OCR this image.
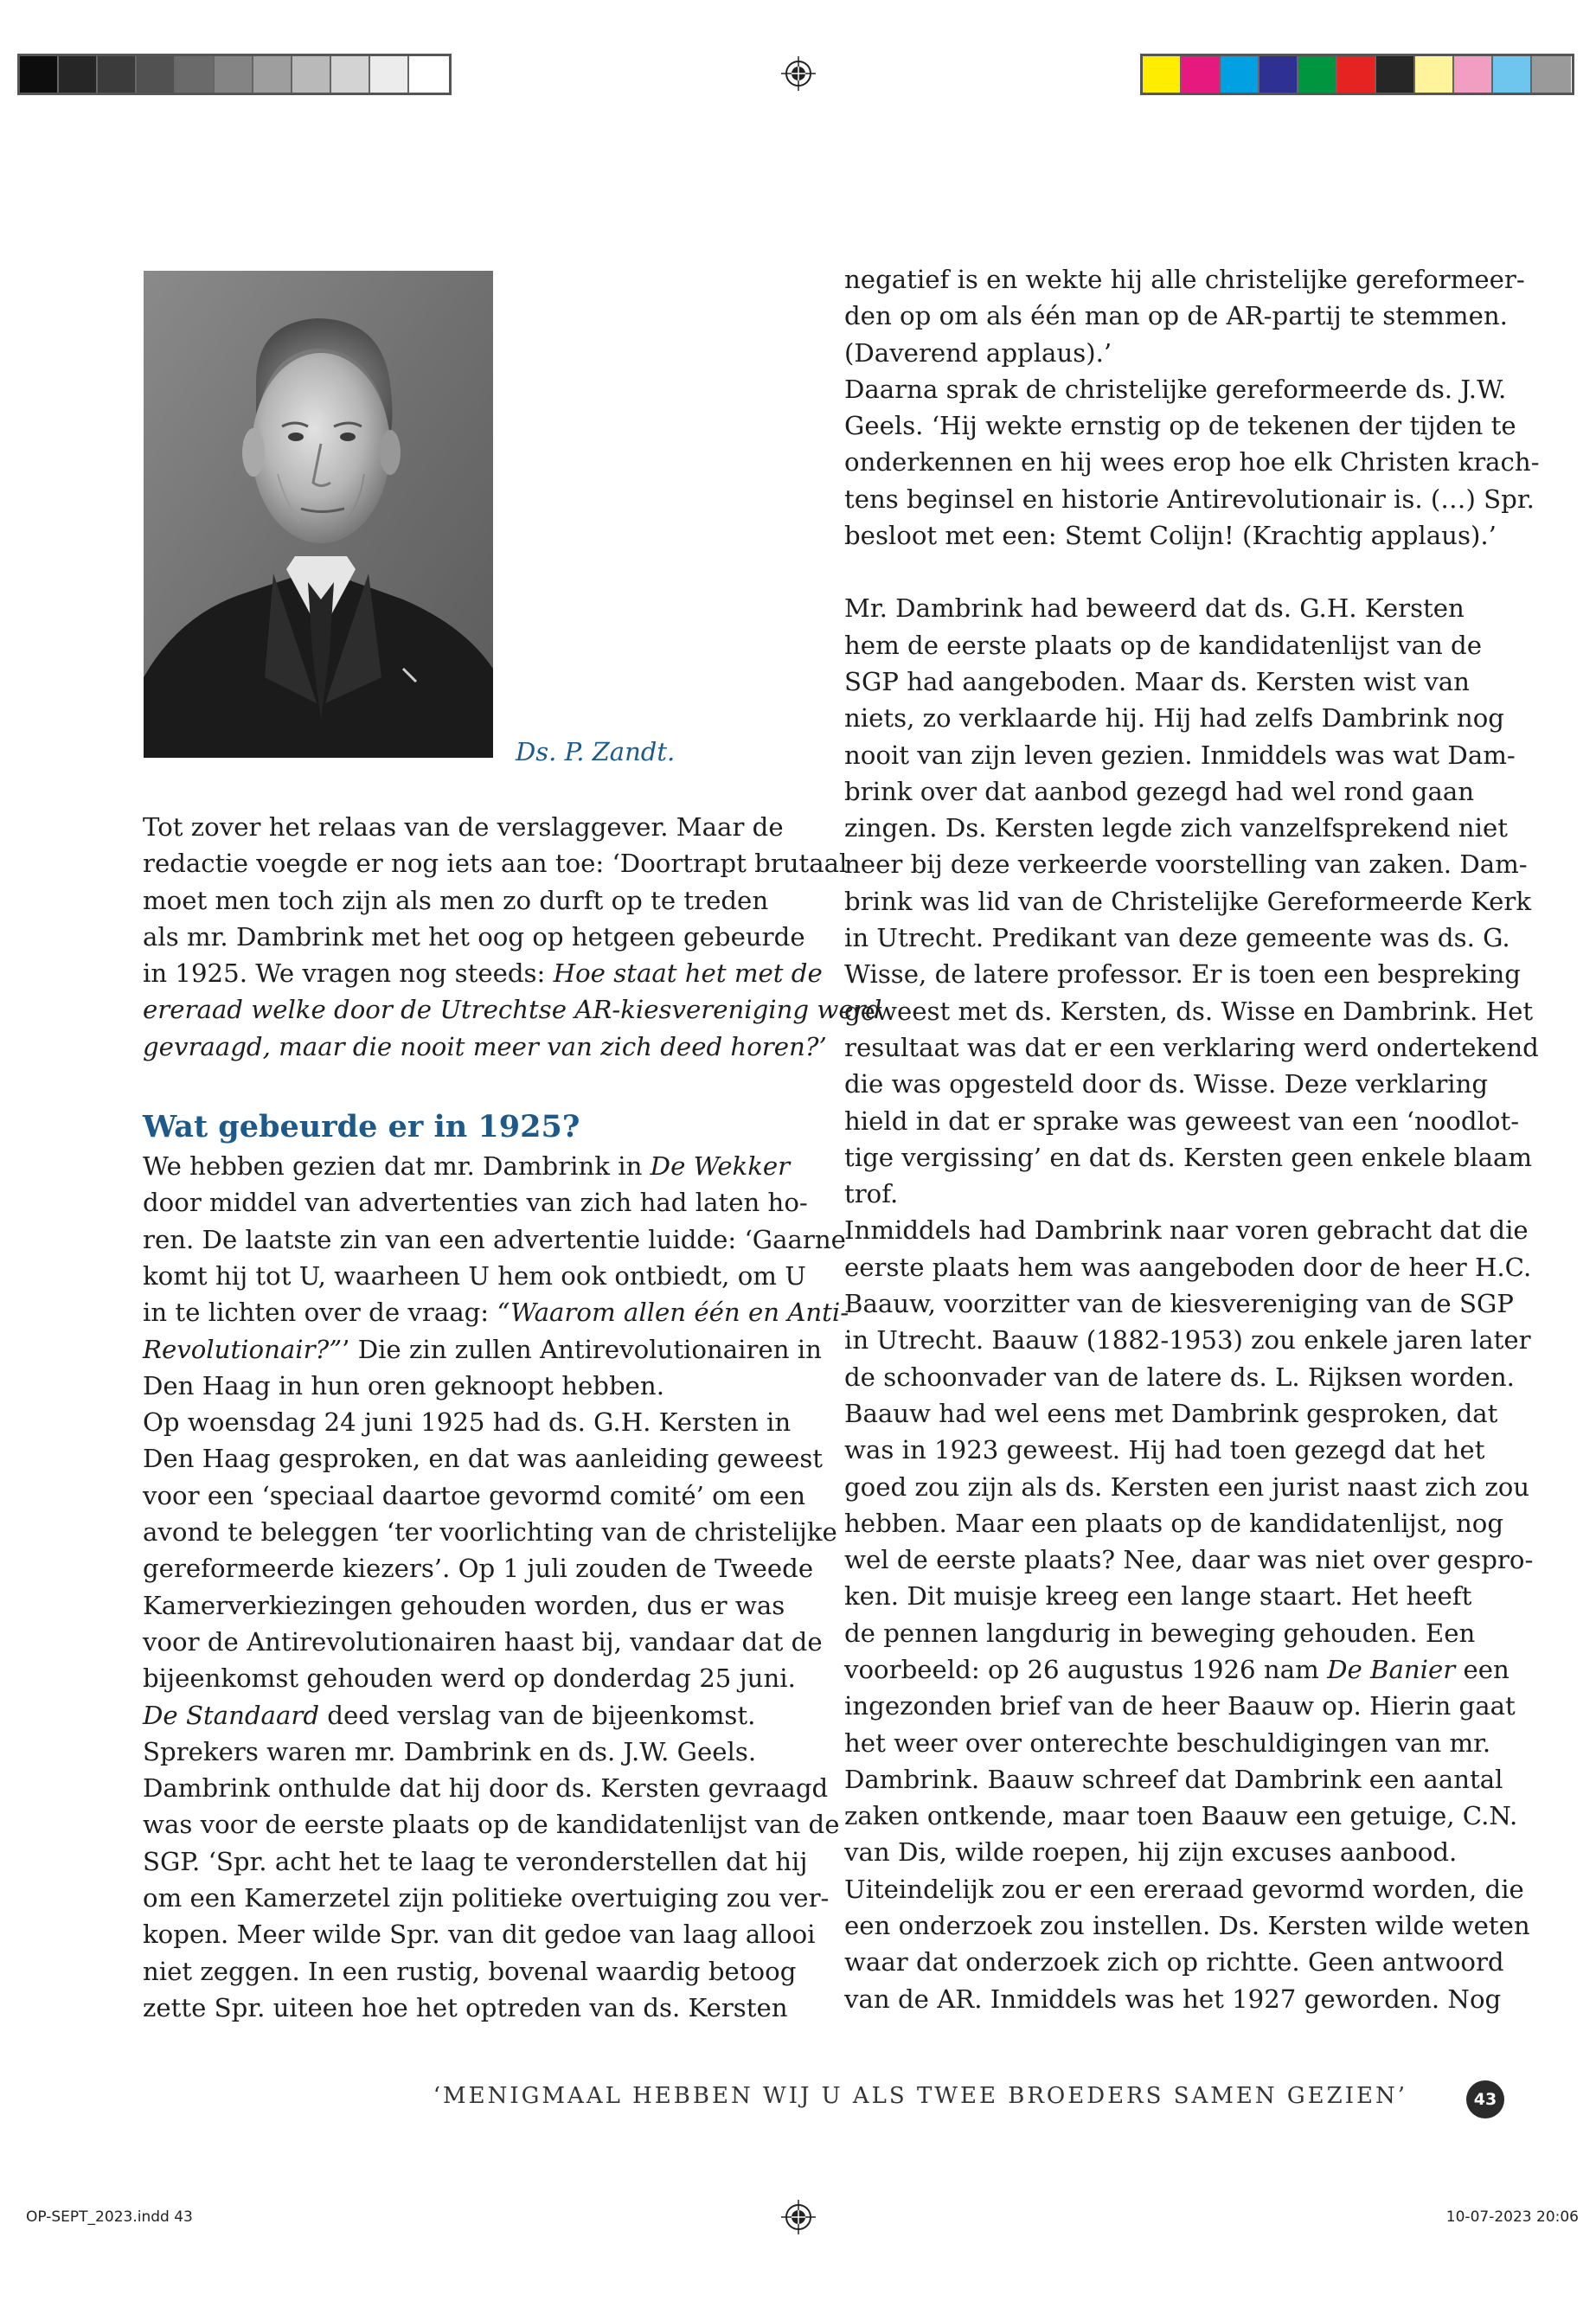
Ds. P. Zandt.

Tot zover het relaas van de verslaggever. Maar de

redactie voegde er nog iets aan toe: ‘Doortrapt brutaal

moet men toch zijn als men zo durft op te treden

als mr. Dambrink met het oog op hetgeen gebeurde

in 1925. We vragen nog steeds: Hoe staat het met de

ereraad welke door de Utrechtse AR-kiesvereniging werd

gevraagd, maar die nooit meer van zich deed horen?’

Wat gebeurde er in 1925?

We hebben gezien dat mr. Dambrink in De Wekker

door middel van advertenties van zich had laten ho-

ren. De laatste zin van een advertentie luidde: ‘Gaarne

komt hij tot U, waarheen U hem ook ontbiedt, om U

in te lichten over de vraag: “Waarom allen één en Anti-

Revolutionair?”’ Die zin zullen Antirevolutionairen in

Den Haag in hun oren geknoopt hebben.

Op woensdag 24 juni 1925 had ds. G.H. Kersten in

Den Haag gesproken, en dat was aanleiding geweest

voor een ‘speciaal daartoe gevormd comité’ om een

avond te beleggen ‘ter voorlichting van de christelijke

gereformeerde kiezers’. Op 1 juli zouden de Tweede

Kamerverkiezingen gehouden worden, dus er was

voor de Antirevolutionairen haast bij, vandaar dat de

bijeenkomst gehouden werd op donderdag 25 juni.

De Standaard deed verslag van de bijeenkomst.

Sprekers waren mr. Dambrink en ds. J.W. Geels.

Dambrink onthulde dat hij door ds. Kersten gevraagd

was voor de eerste plaats op de kandidatenlijst van de

SGP. ‘Spr. acht het te laag te veronderstellen dat hij

om een Kamerzetel zijn politieke overtuiging zou ver-

kopen. Meer wilde Spr. van dit gedoe van laag allooi

niet zeggen. In een rustig, bovenal waardig betoog

zette Spr. uiteen hoe het optreden van ds. Kersten

negatief is en wekte hij alle christelijke gereformeer-

den op om als één man op de AR-partij te stemmen.

(Daverend applaus).’

Daarna sprak de christelijke gereformeerde ds. J.W.

Geels. ‘Hij wekte ernstig op de tekenen der tijden te

onderkennen en hij wees erop hoe elk Christen krach-

tens beginsel en historie Antirevolutionair is. (…) Spr.

besloot met een: Stemt Colijn! (Krachtig applaus).’

Mr. Dambrink had beweerd dat ds. G.H. Kersten

hem de eerste plaats op de kandidatenlijst van de

SGP had aangeboden. Maar ds. Kersten wist van

niets, zo verklaarde hij. Hij had zelfs Dambrink nog

nooit van zijn leven gezien. Inmiddels was wat Dam-

brink over dat aanbod gezegd had wel rond gaan

zingen. Ds. Kersten legde zich vanzelfsprekend niet

neer bij deze verkeerde voorstelling van zaken. Dam-

brink was lid van de Christelijke Gereformeerde Kerk

in Utrecht. Predikant van deze gemeente was ds. G.

Wisse, de latere professor. Er is toen een bespreking

geweest met ds. Kersten, ds. Wisse en Dambrink. Het

resultaat was dat er een verklaring werd ondertekend

die was opgesteld door ds. Wisse. Deze verklaring

hield in dat er sprake was geweest van een ‘noodlot-

tige vergissing’ en dat ds. Kersten geen enkele blaam

trof.

Inmiddels had Dambrink naar voren gebracht dat die

eerste plaats hem was aangeboden door de heer H.C.

Baauw, voorzitter van de kiesvereniging van de SGP

in Utrecht. Baauw (1882-1953) zou enkele jaren later

de schoonvader van de latere ds. L. Rijksen worden.

Baauw had wel eens met Dambrink gesproken, dat

was in 1923 geweest. Hij had toen gezegd dat het

goed zou zijn als ds. Kersten een jurist naast zich zou

hebben. Maar een plaats op de kandidatenlijst, nog

wel de eerste plaats? Nee, daar was niet over gespro-

ken. Dit muisje kreeg een lange staart. Het heeft

de pennen langdurig in beweging gehouden. Een

voorbeeld: op 26 augustus 1926 nam De Banier een

ingezonden brief van de heer Baauw op. Hierin gaat

het weer over onterechte beschuldigingen van mr.

Dambrink. Baauw schreef dat Dambrink een aantal

zaken ontkende, maar toen Baauw een getuige, C.N.

van Dis, wilde roepen, hij zijn excuses aanbood.

Uiteindelijk zou er een ereraad gevormd worden, die

een onderzoek zou instellen. Ds. Kersten wilde weten

waar dat onderzoek zich op richtte. Geen antwoord

van de AR. Inmiddels was het 1927 geworden. Nog

‘MENIGMAAL HEBBEN WIJ U ALS TWEE BROEDERS SAMEN GEZIEN’	43
OP-SEPT_2023.indd 43	10-07-2023 20:06
